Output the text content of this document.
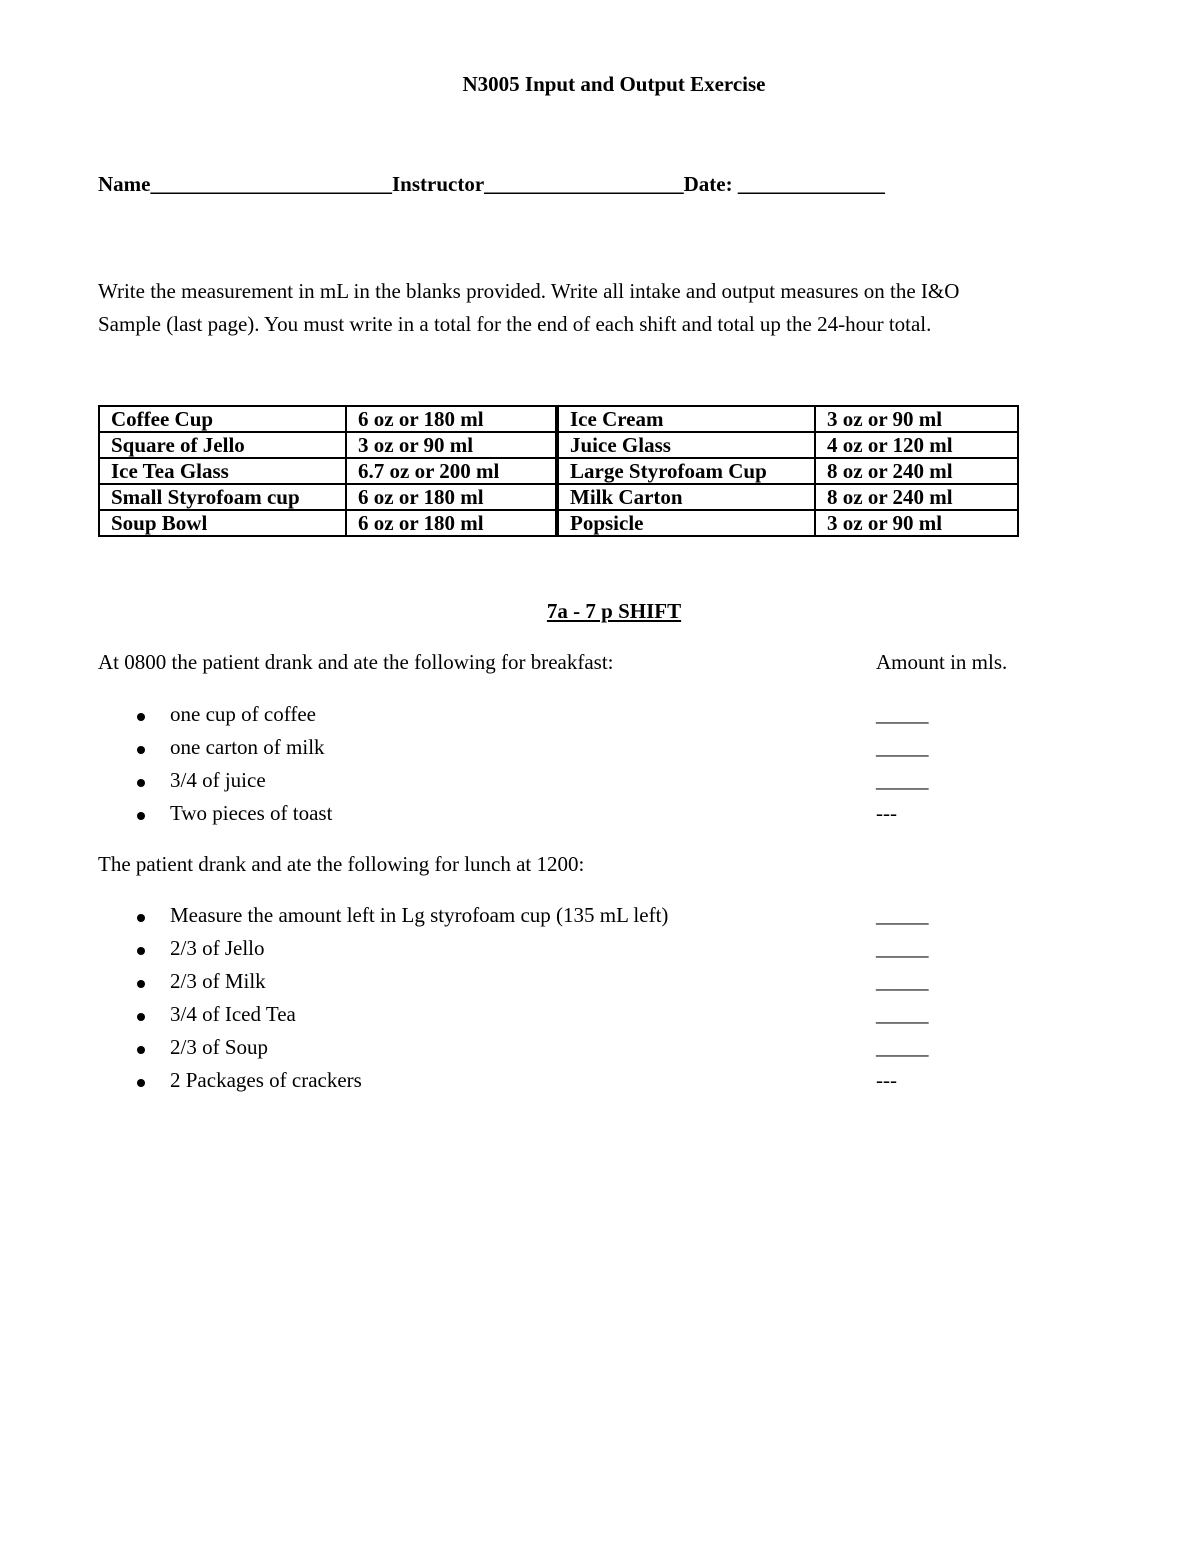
N3005 Input and Output Exercise
Name_______________________Instructor___________________Date: ______________
Write the measurement in mL in the blanks provided. Write all intake and output measures on the I&O
Sample (last page). You must write in a total for the end of each shift and total up the 24-hour total.
Coffee Cup	6 oz or 180 ml	Ice Cream	3 oz or 90 ml
Square of Jello	3 oz or 90 ml	Juice Glass	4 oz or 120 ml
Ice Tea Glass	6.7 oz or 200 ml	Large Styrofoam Cup	8 oz or 240 ml
Small Styrofoam cup	6 oz or 180 ml	Milk Carton	8 oz or 240 ml
Soup Bowl	6 oz or 180 ml	Popsicle	3 oz or 90 ml
7a - 7 p SHIFT
At 0800 the patient drank and ate the following for breakfast:	Amount in mls.
one cup of coffee	_____
one carton of milk	_____
3/4 of juice	_____
Two pieces of toast	---
The patient drank and ate the following for lunch at 1200:
Measure the amount left in Lg styrofoam cup (135 mL left)	_____
2/3 of Jello	_____
2/3 of Milk	_____
3/4 of Iced Tea	_____
2/3 of Soup	_____
2 Packages of crackers	---
